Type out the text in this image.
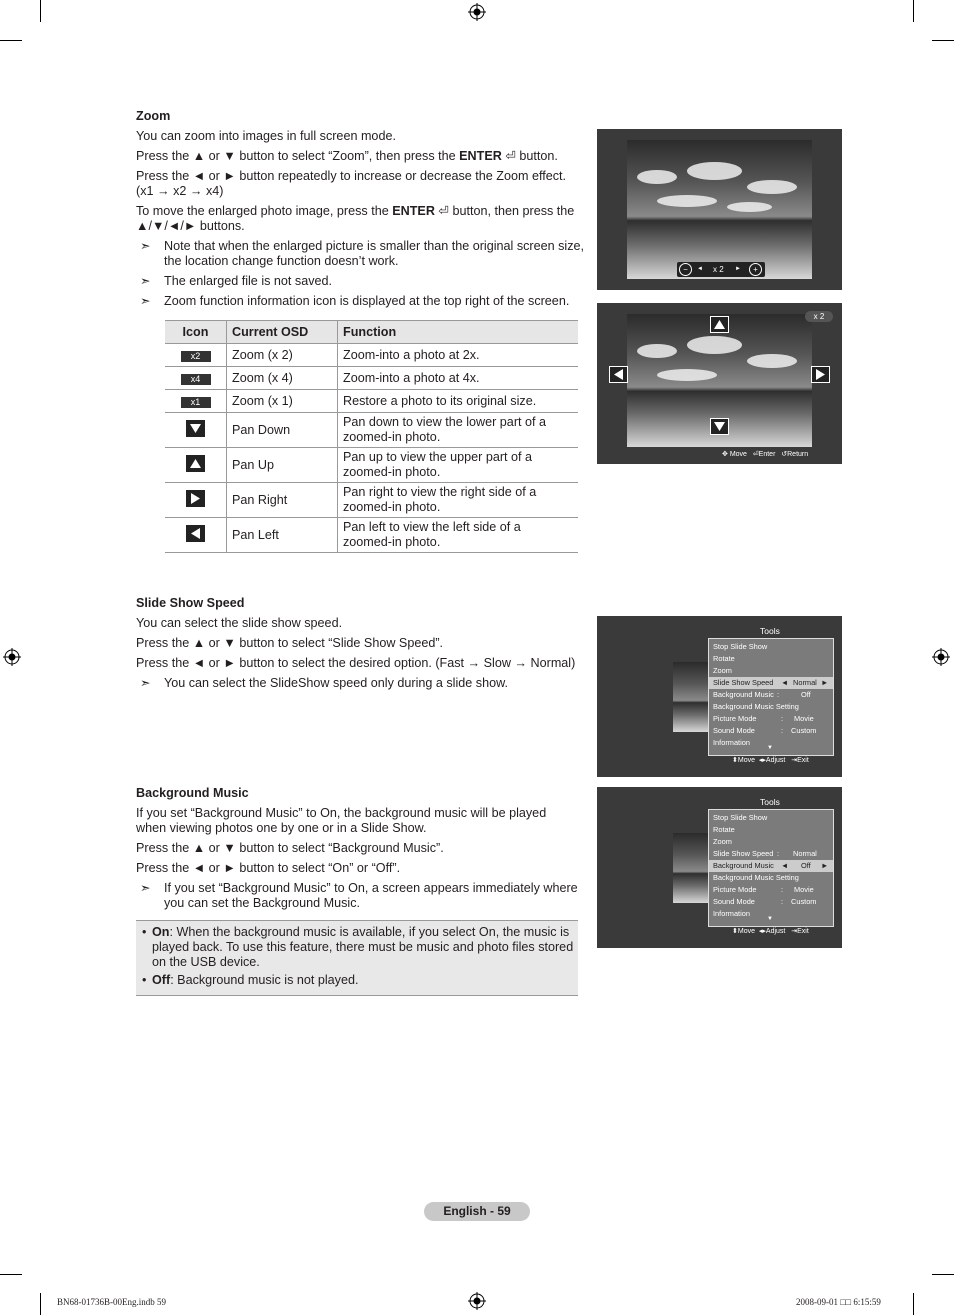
Zoom

You can zoom into images in full screen mode.

Press the ▲ or ▼ button to select “Zoom”, then press the ENTER ⏎ button.

Press the ◄ or ► button repeatedly to increase or decrease the Zoom effect. (x1 → x2 → x4)

To move the enlarged photo image, press the ENTER ⏎ button, then press the ▲/▼/◄/► buttons.

➣ Note that when the enlarged picture is smaller than the original screen size, the location change function doesn’t work.
➣ The enlarged file is not saved.
➣ Zoom function information icon is displayed at the top right of the screen.
Icon	Current OSD	Function
x2	Zoom (x 2)	Zoom-into a photo at 2x.
x4	Zoom (x 4)	Zoom-into a photo at 4x.
x1	Zoom (x 1)	Restore a photo to its original size.
	Pan Down	Pan down to view the lower part of a zoomed-in photo.
	Pan Up	Pan up to view the upper part of a zoomed-in photo.
	Pan Right	Pan right to view the right side of a zoomed-in photo.
	Pan Left	Pan left to view the left side of a zoomed-in photo.
−	◄ x 2 ►	+
x 2
✥ Move ⏎Enter ↺Return
Slide Show Speed

You can select the slide show speed.

Press the ▲ or ▼ button to select “Slide Show Speed”.

Press the ◄ or ► button to select the desired option. (Fast → Slow → Normal)

➣ You can select the SlideShow speed only during a slide show.
Tools
Stop Slide Show
Rotate
Zoom
Slide Show Speed ◄ Normal ►
Background Music :	Off
Background Music Setting
Picture Mode	: Movie
Sound Mode	: Custom
Information
▼
⬍Move ◂▸Adjust ⇥Exit
Background Music

If you set “Background Music” to On, the background music will be played when viewing photos one by one or in a Slide Show.

Press the ▲ or ▼ button to select “Background Music”.

Press the ◄ or ► button to select “On” or “Off”.

➣ If you set “Background Music” to On, a screen appears immediately where you can set the Background Music.
• On: When the background music is available, if you select On, the music is played back. To use this feature, there must be music and photo files stored on the USB device.
• Off: Background music is not played.
Tools
Stop Slide Show
Rotate
Zoom
Slide Show Speed : Normal
Background Music ◄ Off ►
Background Music Setting
Picture Mode	: Movie
Sound Mode	: Custom
Information
▼
⬍Move ◂▸Adjust ⇥Exit
English - 59
BN68-01736B-00Eng.indb 59	2008-09-01 □□ 6:15:59
